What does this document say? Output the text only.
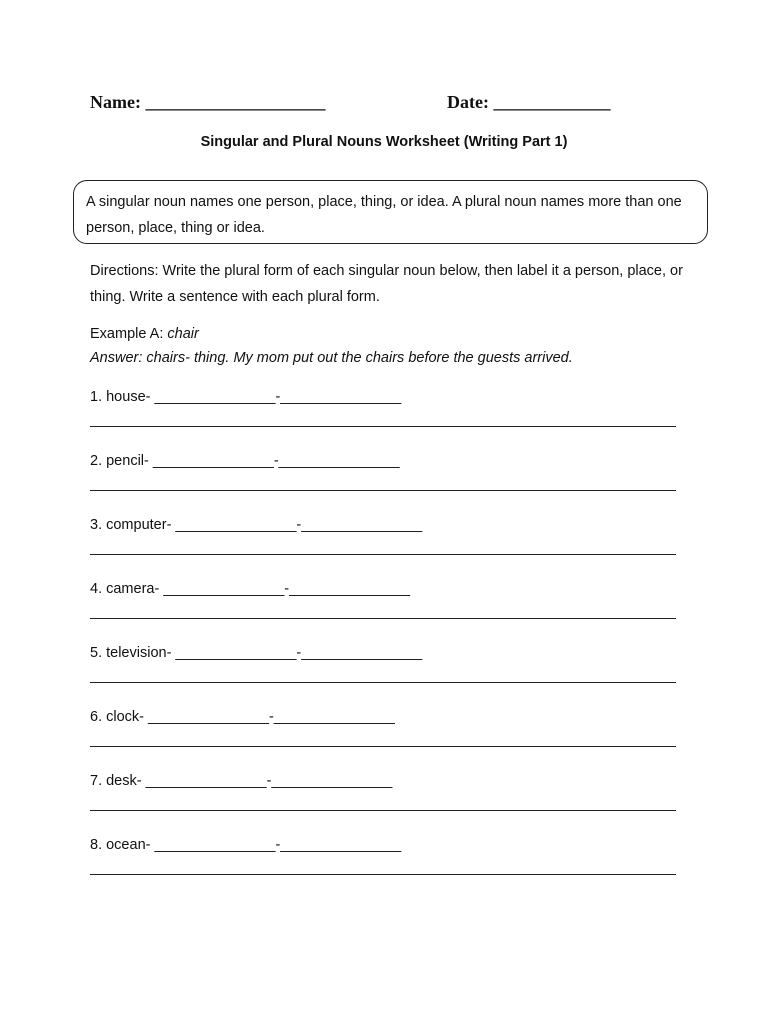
Name: ____________________	Date: _____________
Singular and Plural Nouns Worksheet (Writing Part 1)
A singular noun names one person, place, thing, or idea. A plural noun names more than one person, place, thing or idea.
Directions: Write the plural form of each singular noun below, then label it a person, place, or thing. Write a sentence with each plural form.
Example A: chair
Answer: chairs- thing. My mom put out the chairs before the guests arrived.
1. house- _______________-_______________
2. pencil- _______________-_______________
3. computer- _______________-_______________
4. camera- _______________-_______________
5. television- _______________-_______________
6. clock- _______________-_______________
7. desk- _______________-_______________
8. ocean- _______________-_______________
